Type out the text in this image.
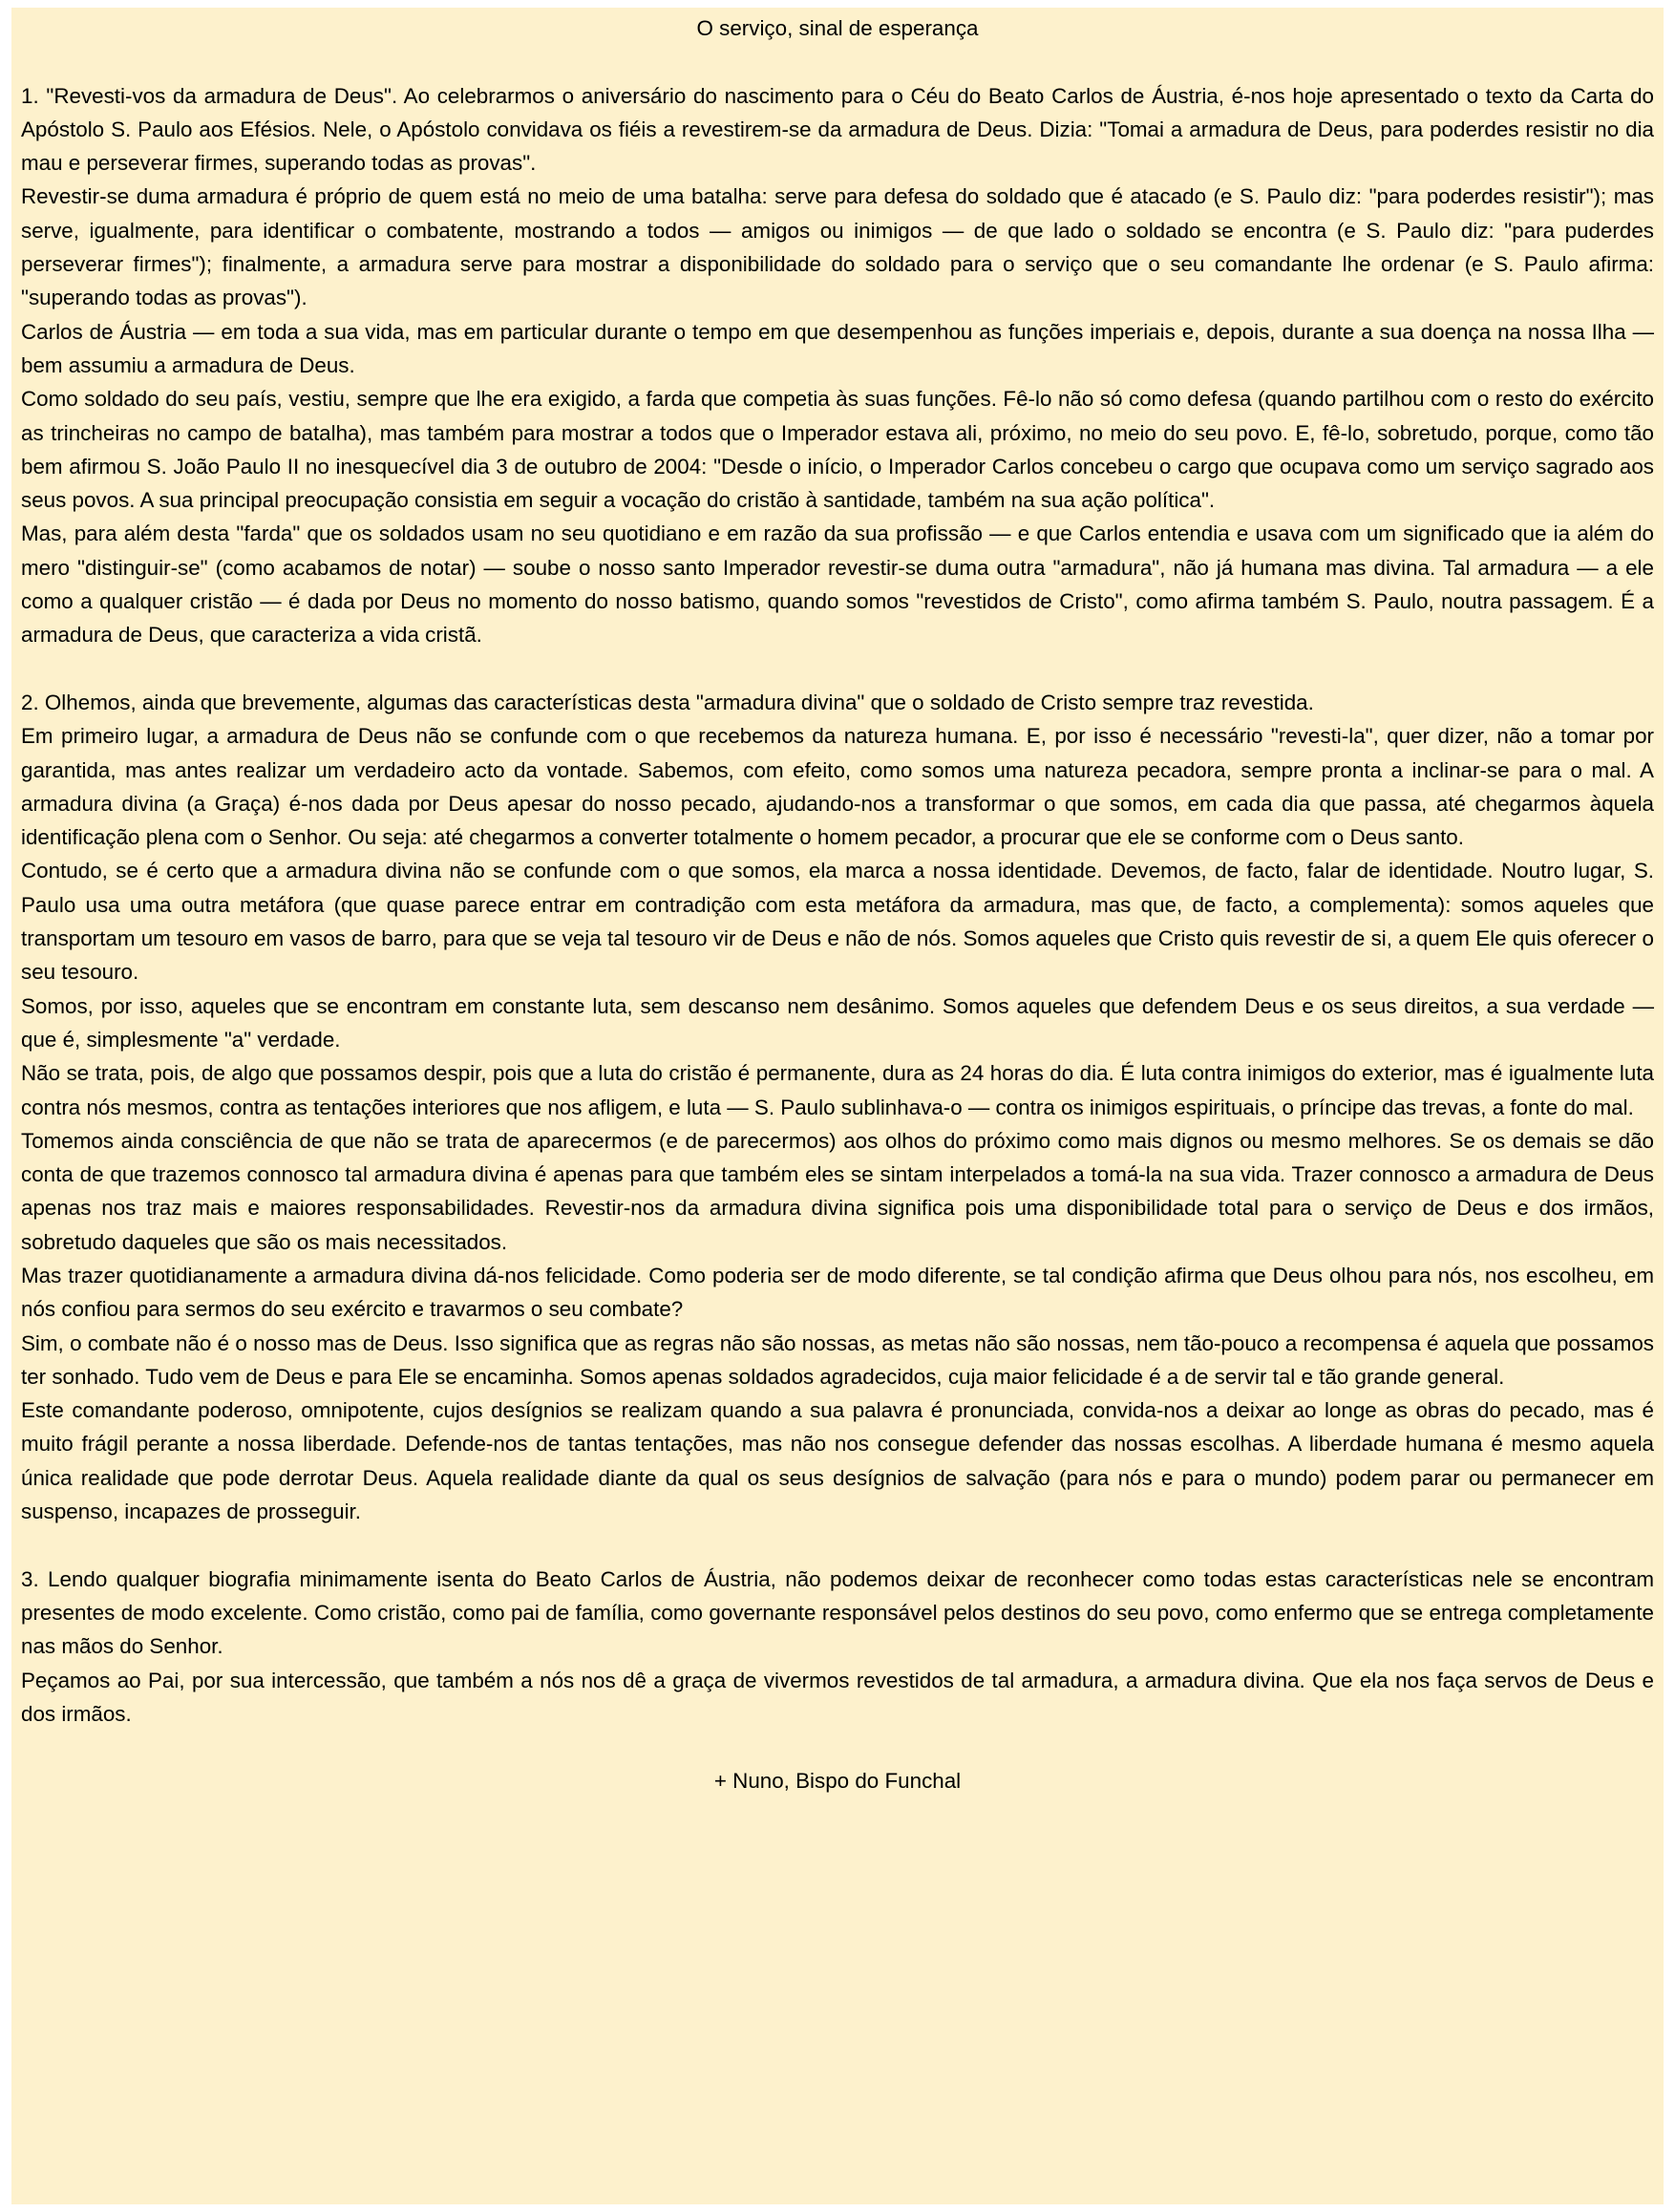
O serviço, sinal de esperança

1. "Revesti-vos da armadura de Deus". Ao celebrarmos o aniversário do nascimento para o Céu do Beato Carlos de Áustria, é-nos hoje apresentado o texto da Carta do Apóstolo S. Paulo aos Efésios. Nele, o Apóstolo convidava os fiéis a revestirem-se da armadura de Deus. Dizia: "Tomai a armadura de Deus, para poderdes resistir no dia mau e perseverar firmes, superando todas as provas".

Revestir-se duma armadura é próprio de quem está no meio de uma batalha: serve para defesa do soldado que é atacado (e S. Paulo diz: "para poderdes resistir"); mas serve, igualmente, para identificar o combatente, mostrando a todos — amigos ou inimigos — de que lado o soldado se encontra (e S. Paulo diz: "para puderdes perseverar firmes"); finalmente, a armadura serve para mostrar a disponibilidade do soldado para o serviço que o seu comandante lhe ordenar (e S. Paulo afirma: "superando todas as provas").

Carlos de Áustria — em toda a sua vida, mas em particular durante o tempo em que desempenhou as funções imperiais e, depois, durante a sua doença na nossa Ilha — bem assumiu a armadura de Deus.

Como soldado do seu país, vestiu, sempre que lhe era exigido, a farda que competia às suas funções. Fê-lo não só como defesa (quando partilhou com o resto do exército as trincheiras no campo de batalha), mas também para mostrar a todos que o Imperador estava ali, próximo, no meio do seu povo. E, fê-lo, sobretudo, porque, como tão bem afirmou S. João Paulo II no inesquecível dia 3 de outubro de 2004: "Desde o início, o Imperador Carlos concebeu o cargo que ocupava como um serviço sagrado aos seus povos. A sua principal preocupação consistia em seguir a vocação do cristão à santidade, também na sua ação política".

Mas, para além desta "farda" que os soldados usam no seu quotidiano e em razão da sua profissão — e que Carlos entendia e usava com um significado que ia além do mero "distinguir-se" (como acabamos de notar) — soube o nosso santo Imperador revestir-se duma outra "armadura", não já humana mas divina. Tal armadura — a ele como a qualquer cristão — é dada por Deus no momento do nosso batismo, quando somos "revestidos de Cristo", como afirma também S. Paulo, noutra passagem. É a armadura de Deus, que caracteriza a vida cristã.

2. Olhemos, ainda que brevemente, algumas das características desta "armadura divina" que o soldado de Cristo sempre traz revestida.

Em primeiro lugar, a armadura de Deus não se confunde com o que recebemos da natureza humana. E, por isso é necessário "revesti-la", quer dizer, não a tomar por garantida, mas antes realizar um verdadeiro acto da vontade. Sabemos, com efeito, como somos uma natureza pecadora, sempre pronta a inclinar-se para o mal. A armadura divina (a Graça) é-nos dada por Deus apesar do nosso pecado, ajudando-nos a transformar o que somos, em cada dia que passa, até chegarmos àquela identificação plena com o Senhor. Ou seja: até chegarmos a converter totalmente o homem pecador, a procurar que ele se conforme com o Deus santo.

Contudo, se é certo que a armadura divina não se confunde com o que somos, ela marca a nossa identidade. Devemos, de facto, falar de identidade. Noutro lugar, S. Paulo usa uma outra metáfora (que quase parece entrar em contradição com esta metáfora da armadura, mas que, de facto, a complementa): somos aqueles que transportam um tesouro em vasos de barro, para que se veja tal tesouro vir de Deus e não de nós. Somos aqueles que Cristo quis revestir de si, a quem Ele quis oferecer o seu tesouro.

Somos, por isso, aqueles que se encontram em constante luta, sem descanso nem desânimo. Somos aqueles que defendem Deus e os seus direitos, a sua verdade — que é, simplesmente "a" verdade.

Não se trata, pois, de algo que possamos despir, pois que a luta do cristão é permanente, dura as 24 horas do dia. É luta contra inimigos do exterior, mas é igualmente luta contra nós mesmos, contra as tentações interiores que nos afligem, e luta — S. Paulo sublinhava-o — contra os inimigos espirituais, o príncipe das trevas, a fonte do mal.

Tomemos ainda consciência de que não se trata de aparecermos (e de parecermos) aos olhos do próximo como mais dignos ou mesmo melhores. Se os demais se dão conta de que trazemos connosco tal armadura divina é apenas para que também eles se sintam interpelados a tomá-la na sua vida. Trazer connosco a armadura de Deus apenas nos traz mais e maiores responsabilidades. Revestir-nos da armadura divina significa pois uma disponibilidade total para o serviço de Deus e dos irmãos, sobretudo daqueles que são os mais necessitados.

Mas trazer quotidianamente a armadura divina dá-nos felicidade. Como poderia ser de modo diferente, se tal condição afirma que Deus olhou para nós, nos escolheu, em nós confiou para sermos do seu exército e travarmos o seu combate?

Sim, o combate não é o nosso mas de Deus. Isso significa que as regras não são nossas, as metas não são nossas, nem tão-pouco a recompensa é aquela que possamos ter sonhado. Tudo vem de Deus e para Ele se encaminha. Somos apenas soldados agradecidos, cuja maior felicidade é a de servir tal e tão grande general.

Este comandante poderoso, omnipotente, cujos desígnios se realizam quando a sua palavra é pronunciada, convida-nos a deixar ao longe as obras do pecado, mas é muito frágil perante a nossa liberdade. Defende-nos de tantas tentações, mas não nos consegue defender das nossas escolhas. A liberdade humana é mesmo aquela única realidade que pode derrotar Deus. Aquela realidade diante da qual os seus desígnios de salvação (para nós e para o mundo) podem parar ou permanecer em suspenso, incapazes de prosseguir.

3. Lendo qualquer biografia minimamente isenta do Beato Carlos de Áustria, não podemos deixar de reconhecer como todas estas características nele se encontram presentes de modo excelente. Como cristão, como pai de família, como governante responsável pelos destinos do seu povo, como enfermo que se entrega completamente nas mãos do Senhor.

Peçamos ao Pai, por sua intercessão, que também a nós nos dê a graça de vivermos revestidos de tal armadura, a armadura divina. Que ela nos faça servos de Deus e dos irmãos.

+ Nuno, Bispo do Funchal
